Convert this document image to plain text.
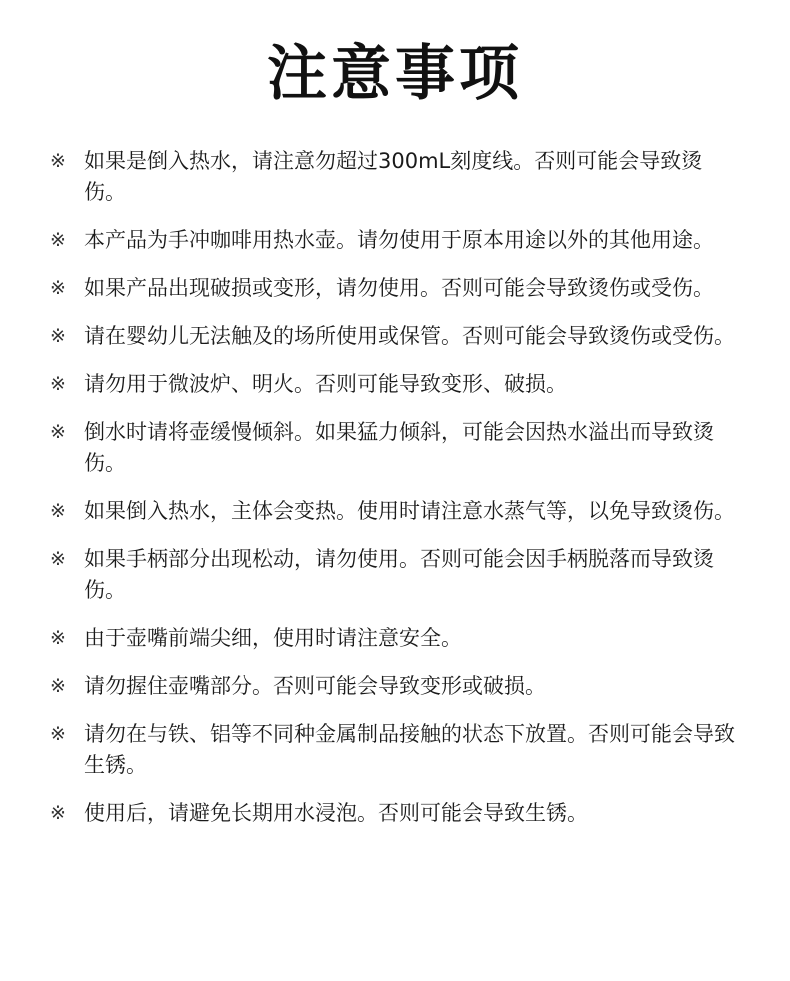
注意事项
※ 如果是倒入热水，请注意勿超过300mL刻度线。否则可能会导致烫伤。
※ 本产品为手冲咖啡用热水壶。请勿使用于原本用途以外的其他用途。
※ 如果产品出现破损或变形，请勿使用。否则可能会导致烫伤或受伤。
※ 请在婴幼儿无法触及的场所使用或保管。否则可能会导致烫伤或受伤。
※ 请勿用于微波炉、明火。否则可能导致变形、破损。
※ 倒水时请将壶缓慢倾斜。如果猛力倾斜，可能会因热水溢出而导致烫伤。
※ 如果倒入热水，主体会变热。使用时请注意水蒸气等，以免导致烫伤。
※ 如果手柄部分出现松动，请勿使用。否则可能会因手柄脱落而导致烫伤。
※ 由于壶嘴前端尖细，使用时请注意安全。
※ 请勿握住壶嘴部分。否则可能会导致变形或破损。
※ 请勿在与铁、铝等不同种金属制品接触的状态下放置。否则可能会导致生锈。
※ 使用后，请避免长期用水浸泡。否则可能会导致生锈。
